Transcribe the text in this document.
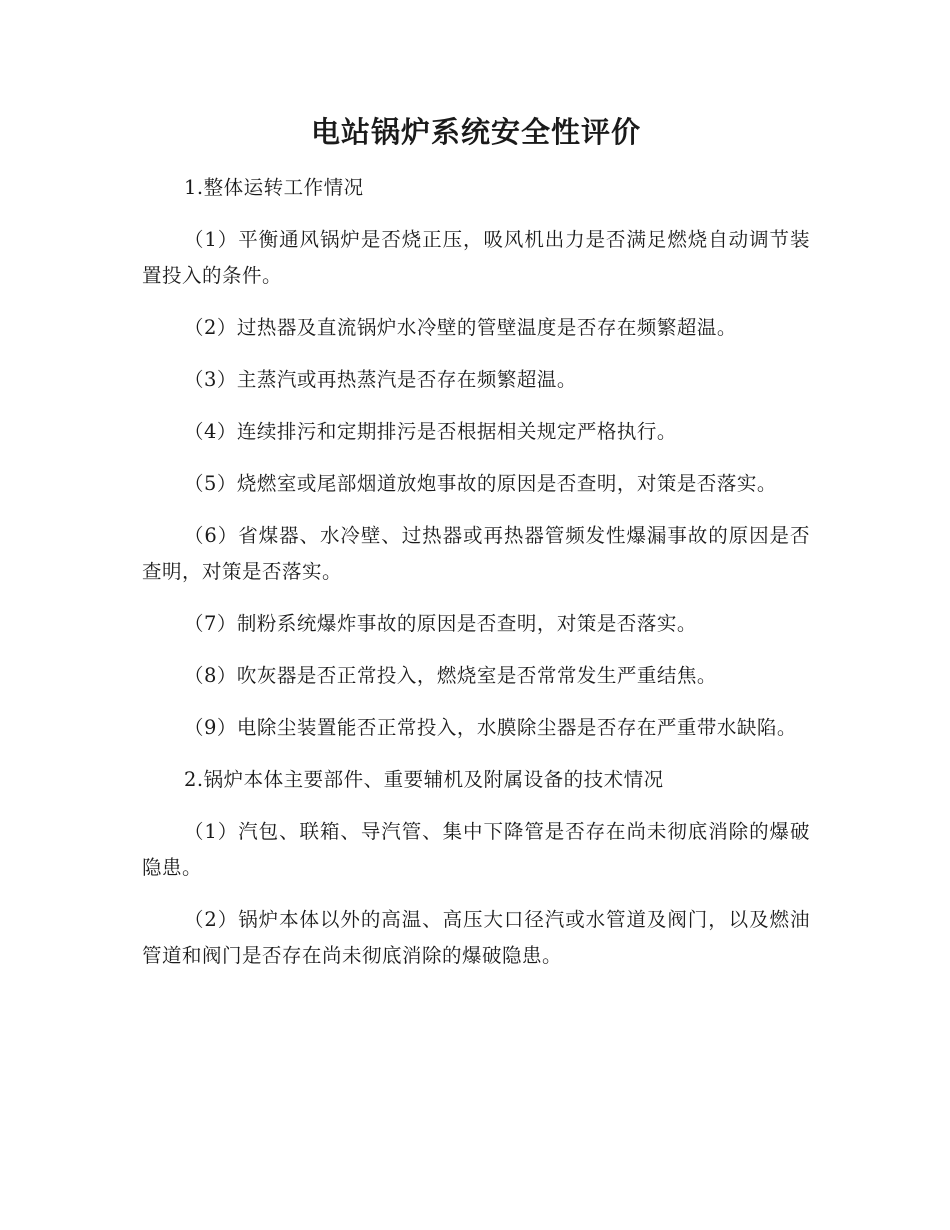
电站锅炉系统安全性评价

1.整体运转工作情况

（1）平衡通风锅炉是否烧正压，吸风机出力是否满足燃烧自动调节装置投入的条件。

（2）过热器及直流锅炉水冷壁的管壁温度是否存在频繁超温。

（3）主蒸汽或再热蒸汽是否存在频繁超温。

（4）连续排污和定期排污是否根据相关规定严格执行。

（5）烧燃室或尾部烟道放炮事故的原因是否查明，对策是否落实。

（6）省煤器、水冷壁、过热器或再热器管频发性爆漏事故的原因是否查明，对策是否落实。

（7）制粉系统爆炸事故的原因是否查明，对策是否落实。

（8）吹灰器是否正常投入，燃烧室是否常常发生严重结焦。

（9）电除尘装置能否正常投入，水膜除尘器是否存在严重带水缺陷。

2.锅炉本体主要部件、重要辅机及附属设备的技术情况

（1）汽包、联箱、导汽管、集中下降管是否存在尚未彻底消除的爆破隐患。

（2）锅炉本体以外的高温、高压大口径汽或水管道及阀门，以及燃油管道和阀门是否存在尚未彻底消除的爆破隐患。
